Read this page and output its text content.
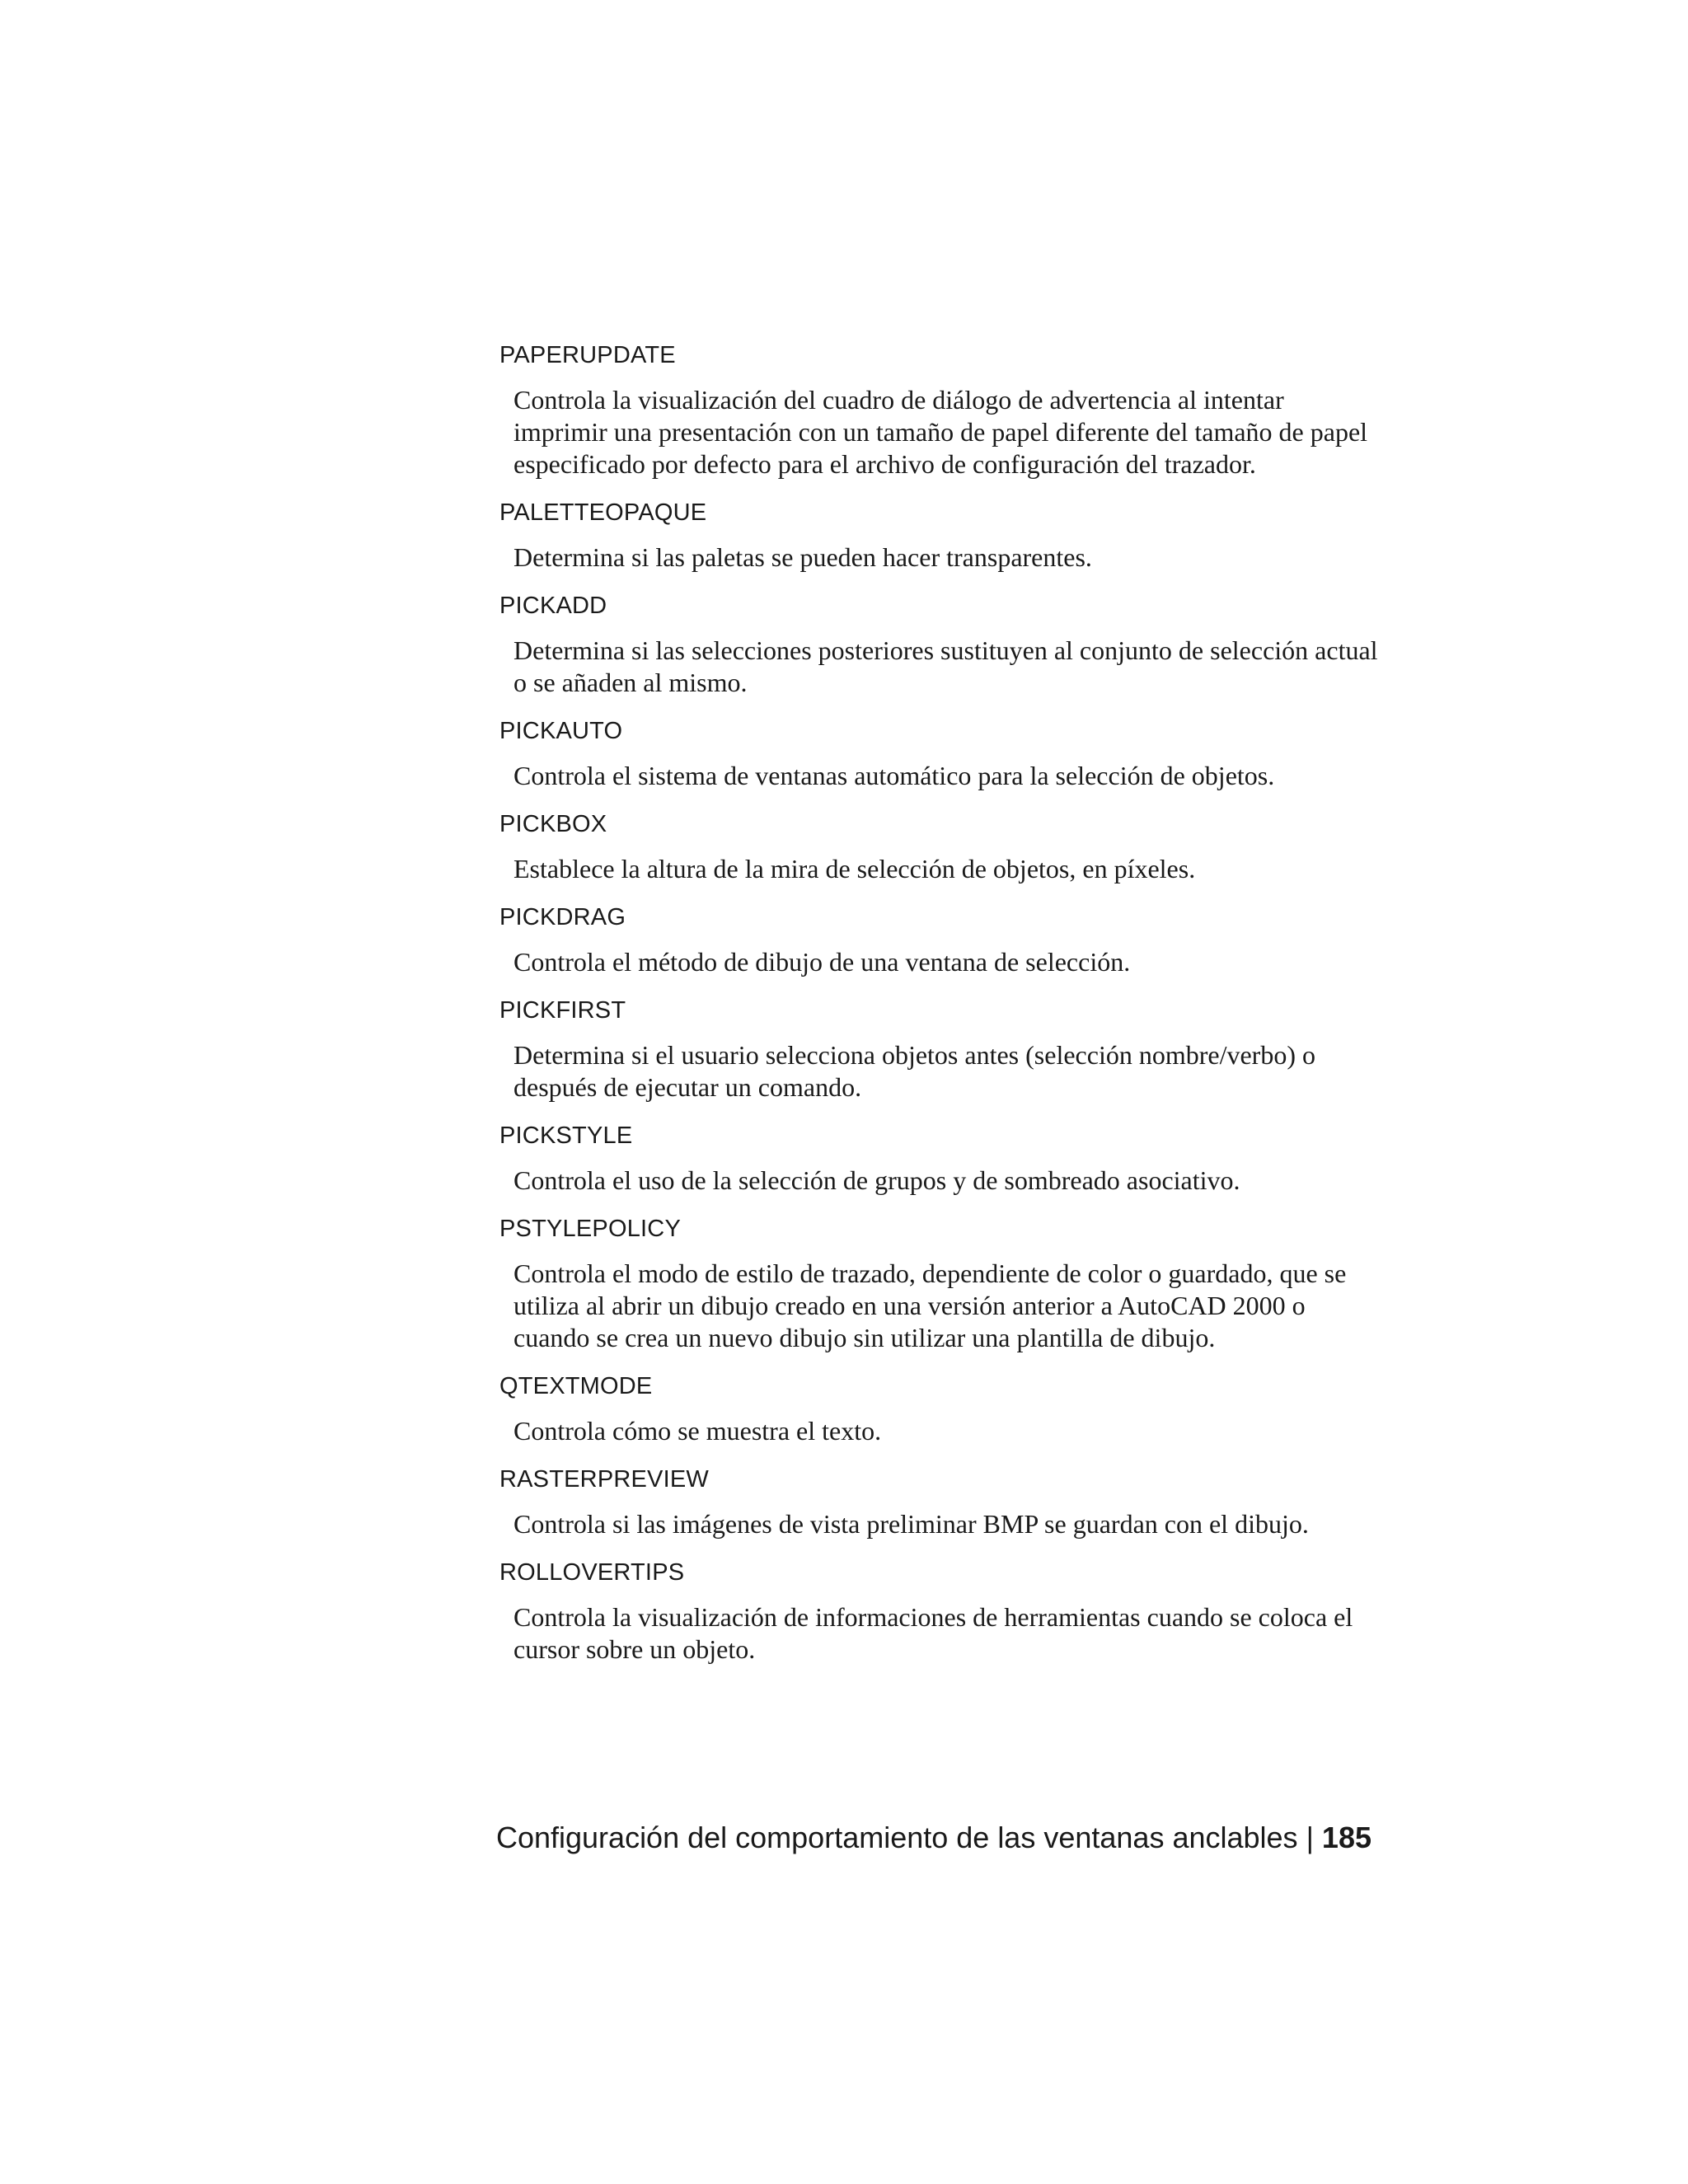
PAPERUPDATE
Controla la visualización del cuadro de diálogo de advertencia al intentar imprimir una presentación con un tamaño de papel diferente del tamaño de papel especificado por defecto para el archivo de configuración del trazador.
PALETTEOPAQUE
Determina si las paletas se pueden hacer transparentes.
PICKADD
Determina si las selecciones posteriores sustituyen al conjunto de selección actual o se añaden al mismo.
PICKAUTO
Controla el sistema de ventanas automático para la selección de objetos.
PICKBOX
Establece la altura de la mira de selección de objetos, en píxeles.
PICKDRAG
Controla el método de dibujo de una ventana de selección.
PICKFIRST
Determina si el usuario selecciona objetos antes (selección nombre/verbo) o después de ejecutar un comando.
PICKSTYLE
Controla el uso de la selección de grupos y de sombreado asociativo.
PSTYLEPOLICY
Controla el modo de estilo de trazado, dependiente de color o guardado, que se utiliza al abrir un dibujo creado en una versión anterior a AutoCAD 2000 o cuando se crea un nuevo dibujo sin utilizar una plantilla de dibujo.
QTEXTMODE
Controla cómo se muestra el texto.
RASTERPREVIEW
Controla si las imágenes de vista preliminar BMP se guardan con el dibujo.
ROLLOVERTIPS
Controla la visualización de informaciones de herramientas cuando se coloca el cursor sobre un objeto.
Configuración del comportamiento de las ventanas anclables | 185
